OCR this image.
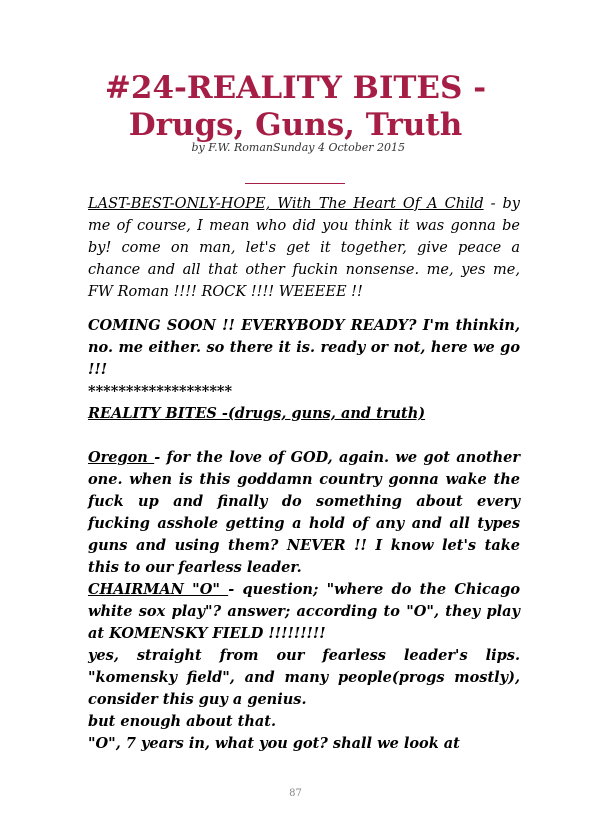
#24-REALITY BITES -
Drugs, Guns, Truth
by F.W. RomanSunday 4 October 2015

LAST-BEST-ONLY-HOPE, With The Heart Of A Child - by me of course, I mean who did you think it was gonna be by! come on man, let's get it together, give peace a chance and all that other fuckin nonsense. me, yes me, FW Roman !!!! ROCK !!!! WEEEEE !!

COMING SOON !! EVERYBODY READY? I'm thinkin, no. me either. so there it is. ready or not, here we go !!!

*******************

REALITY BITES -(drugs, guns, and truth)

Oregon - for the love of GOD, again. we got another one. when is this goddamn country gonna wake the fuck up and finally do something about every fucking asshole getting a hold of any and all types guns and using them? NEVER !! I know let's take this to our fearless leader.

CHAIRMAN "O" - question; "where do the Chicago white sox play"? answer; according to "O", they play at KOMENSKY FIELD !!!!!!!!!

yes, straight from our fearless leader's lips. "komensky field", and many people(progs mostly), consider this guy a genius.

but enough about that.

"O", 7 years in, what you got? shall we look at

87
